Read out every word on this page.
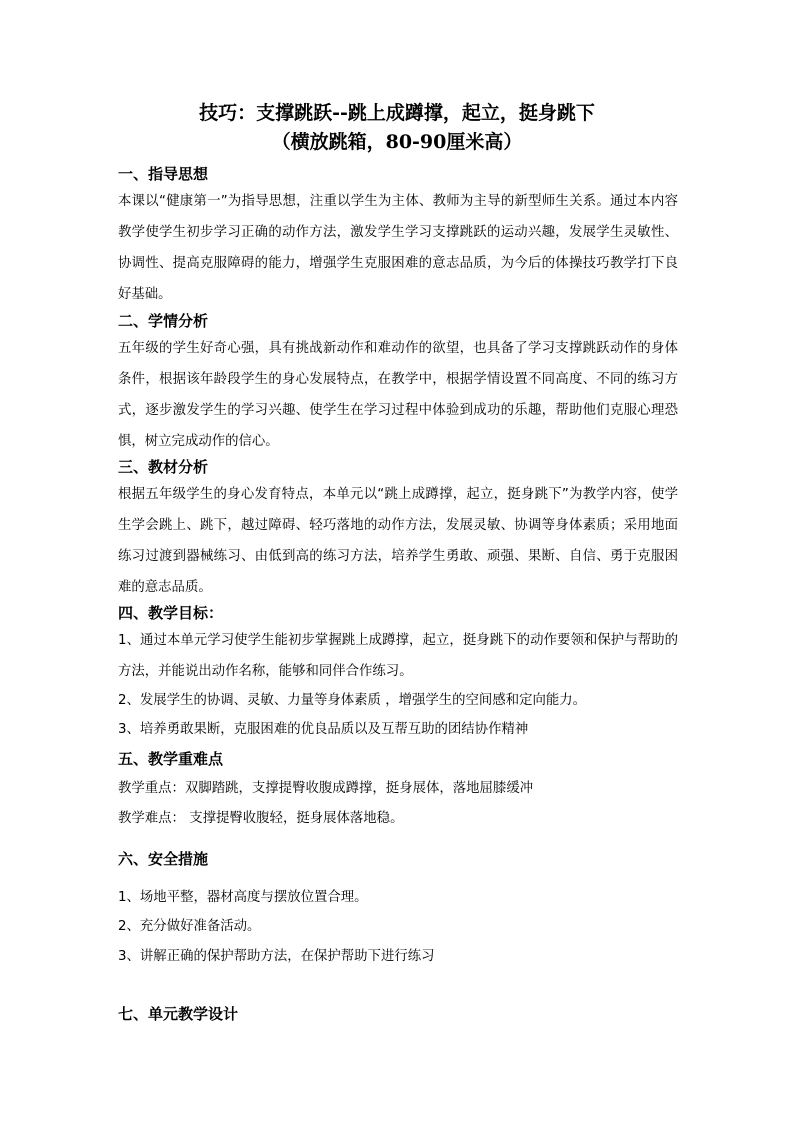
技巧：支撑跳跃--跳上成蹲撑，起立，挺身跳下
（横放跳箱，80-90厘米高）
一、指导思想
本课以“健康第一”为指导思想，注重以学生为主体、教师为主导的新型师生关系。通过本内容教学使学生初步学习正确的动作方法，激发学生学习支撑跳跃的运动兴趣，发展学生灵敏性、协调性、提高克服障碍的能力，增强学生克服困难的意志品质，为今后的体操技巧教学打下良好基础。
二、学情分析
五年级的学生好奇心强，具有挑战新动作和难动作的欲望，也具备了学习支撑跳跃动作的身体条件，根据该年龄段学生的身心发展特点，在教学中，根据学情设置不同高度、不同的练习方式，逐步激发学生的学习兴趣、使学生在学习过程中体验到成功的乐趣，帮助他们克服心理恐惧，树立完成动作的信心。
三、教材分析
根据五年级学生的身心发育特点，本单元以“跳上成蹲撑，起立，挺身跳下”为教学内容，使学生学会跳上、跳下，越过障碍、轻巧落地的动作方法，发展灵敏、协调等身体素质；采用地面练习过渡到器械练习、由低到高的练习方法，培养学生勇敢、顽强、果断、自信、勇于克服困难的意志品质。
四、教学目标：
1、通过本单元学习使学生能初步掌握跳上成蹲撑，起立，挺身跳下的动作要领和保护与帮助的方法，并能说出动作名称，能够和同伴合作练习。
2、发展学生的协调、灵敏、力量等身体素质 ，增强学生的空间感和定向能力。
3、培养勇敢果断，克服困难的优良品质以及互帮互助的团结协作精神
五、教学重难点
教学重点：双脚踏跳，支撑提臀收腹成蹲撑，挺身展体，落地屈膝缓冲
教学难点： 支撑提臀收腹轻，挺身展体落地稳。
六、安全措施
1、场地平整，器材高度与摆放位置合理。
2、充分做好准备活动。
3、讲解正确的保护帮助方法，在保护帮助下进行练习
七、单元教学设计
